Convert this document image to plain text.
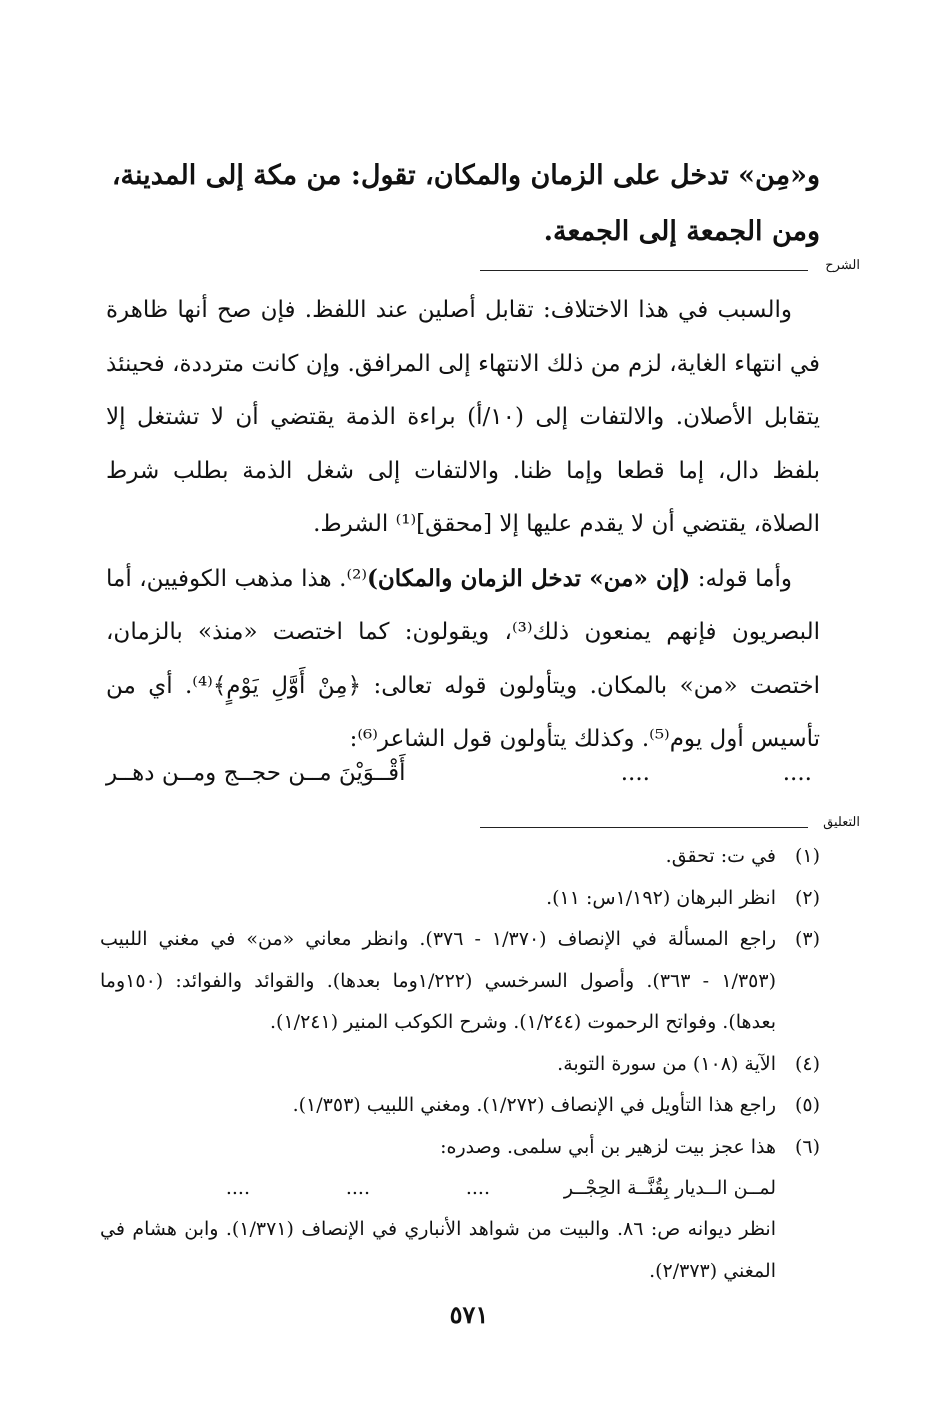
و«مِن» تدخل على الزمان والمكان، تقول: من مكة إلى المدينة،

ومن الجمعة إلى الجمعة.

الشرح

والسبب في هذا الاختلاف: تقابل أصلين عند اللفظ. فإن صح أنها ظاهرة في انتهاء الغاية، لزم من ذلك الانتهاء إلى المرافق. وإن كانت مترددة، فحينئذ يتقابل الأصلان. والالتفات إلى (١٠/أ) براءة الذمة يقتضي أن لا تشتغل إلا بلفظ دال، إما قطعا وإما ظنا. والالتفات إلى شغل الذمة بطلب شرط الصلاة، يقتضي أن لا يقدم عليها إلا [محقق]⁽¹⁾ الشرط.

وأما قوله: (إن «من» تدخل الزمان والمكان)⁽²⁾. هذا مذهب الكوفيين، أما البصريون فإنهم يمنعون ذلك⁽³⁾، ويقولون: كما اختصت «منذ» بالزمان، اختصت «من» بالمكان. ويتأولون قوله تعالى: ﴿مِنْ أَوَّلِ يَوْمٍ﴾⁽⁴⁾. أي من تأسيس أول يوم⁽⁵⁾. وكذلك يتأولون قول الشاعر⁽⁶⁾:

....
....
أَقْــوَيْنَ مــن حجــج ومــن دهــر
التعليق
(١)
في ت: تحقق.
(٢)
انظر البرهان (١/١٩٢س: ١١).
(٣)
راجع المسألة في الإنصاف (١/٣٧٠ - ٣٧٦). وانظر معاني «من» في مغني اللبيب (١/٣٥٣ - ٣٦٣). وأصول السرخسي (١/٢٢٢وما بعدها). والقوائد والفوائد: (١٥٠وما بعدها). وفواتح الرحموت (١/٢٤٤). وشرح الكوكب المنير (١/٢٤١).
(٤)
الآية (١٠٨) من سورة التوبة.
(٥)
راجع هذا التأويل في الإنصاف (١/٢٧٢). ومغني اللبيب (١/٣٥٣).
(٦)
هذا عجز بيت لزهير بن أبي سلمى. وصدره:
لمــن الــديار بِقُنَّــة الحِجْــر
....
....
....
انظر ديوانه ص: ٨٦. والبيت من شواهد الأنباري في الإنصاف (١/٣٧١). وابن هشام في المغني (٢/٣٧٣).
٥٧١
